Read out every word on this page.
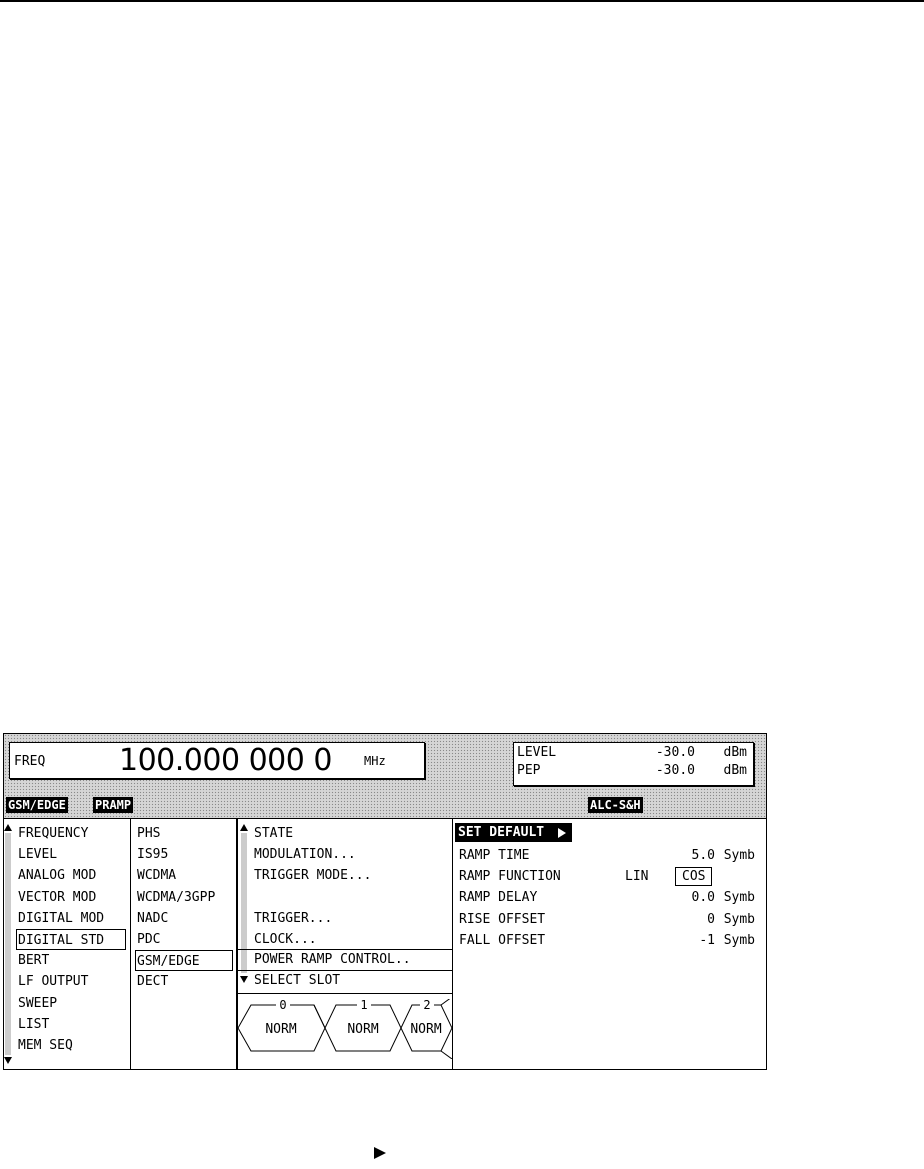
FREQ 100.000 000 0	MHz
LEVEL	-30.0 dBm
PEP	-30.0 dBm
GSM/EDGE PRAMP	ALC-S&H
FREQUENCY
LEVEL
ANALOG MOD
VECTOR MOD
DIGITAL MOD
DIGITAL STD
BERT
LF OUTPUT
SWEEP
LIST
MEM SEQ
PHS
IS95
WCDMA
WCDMA/3GPP
NADC
PDC
GSM/EDGE
DECT
STATE
MODULATION...
TRIGGER MODE...
TRIGGER...
CLOCK...
POWER RAMP CONTROL..
SELECT SLOT
0	1	2
NORM	NORM NORM
SET DEFAULT
RAMP TIME	5.0 Symb
RAMP FUNCTION	LIN	COS
RAMP DELAY	0.0 Symb
RISE OFFSET	0 Symb
FALL OFFSET	-1 Symb
